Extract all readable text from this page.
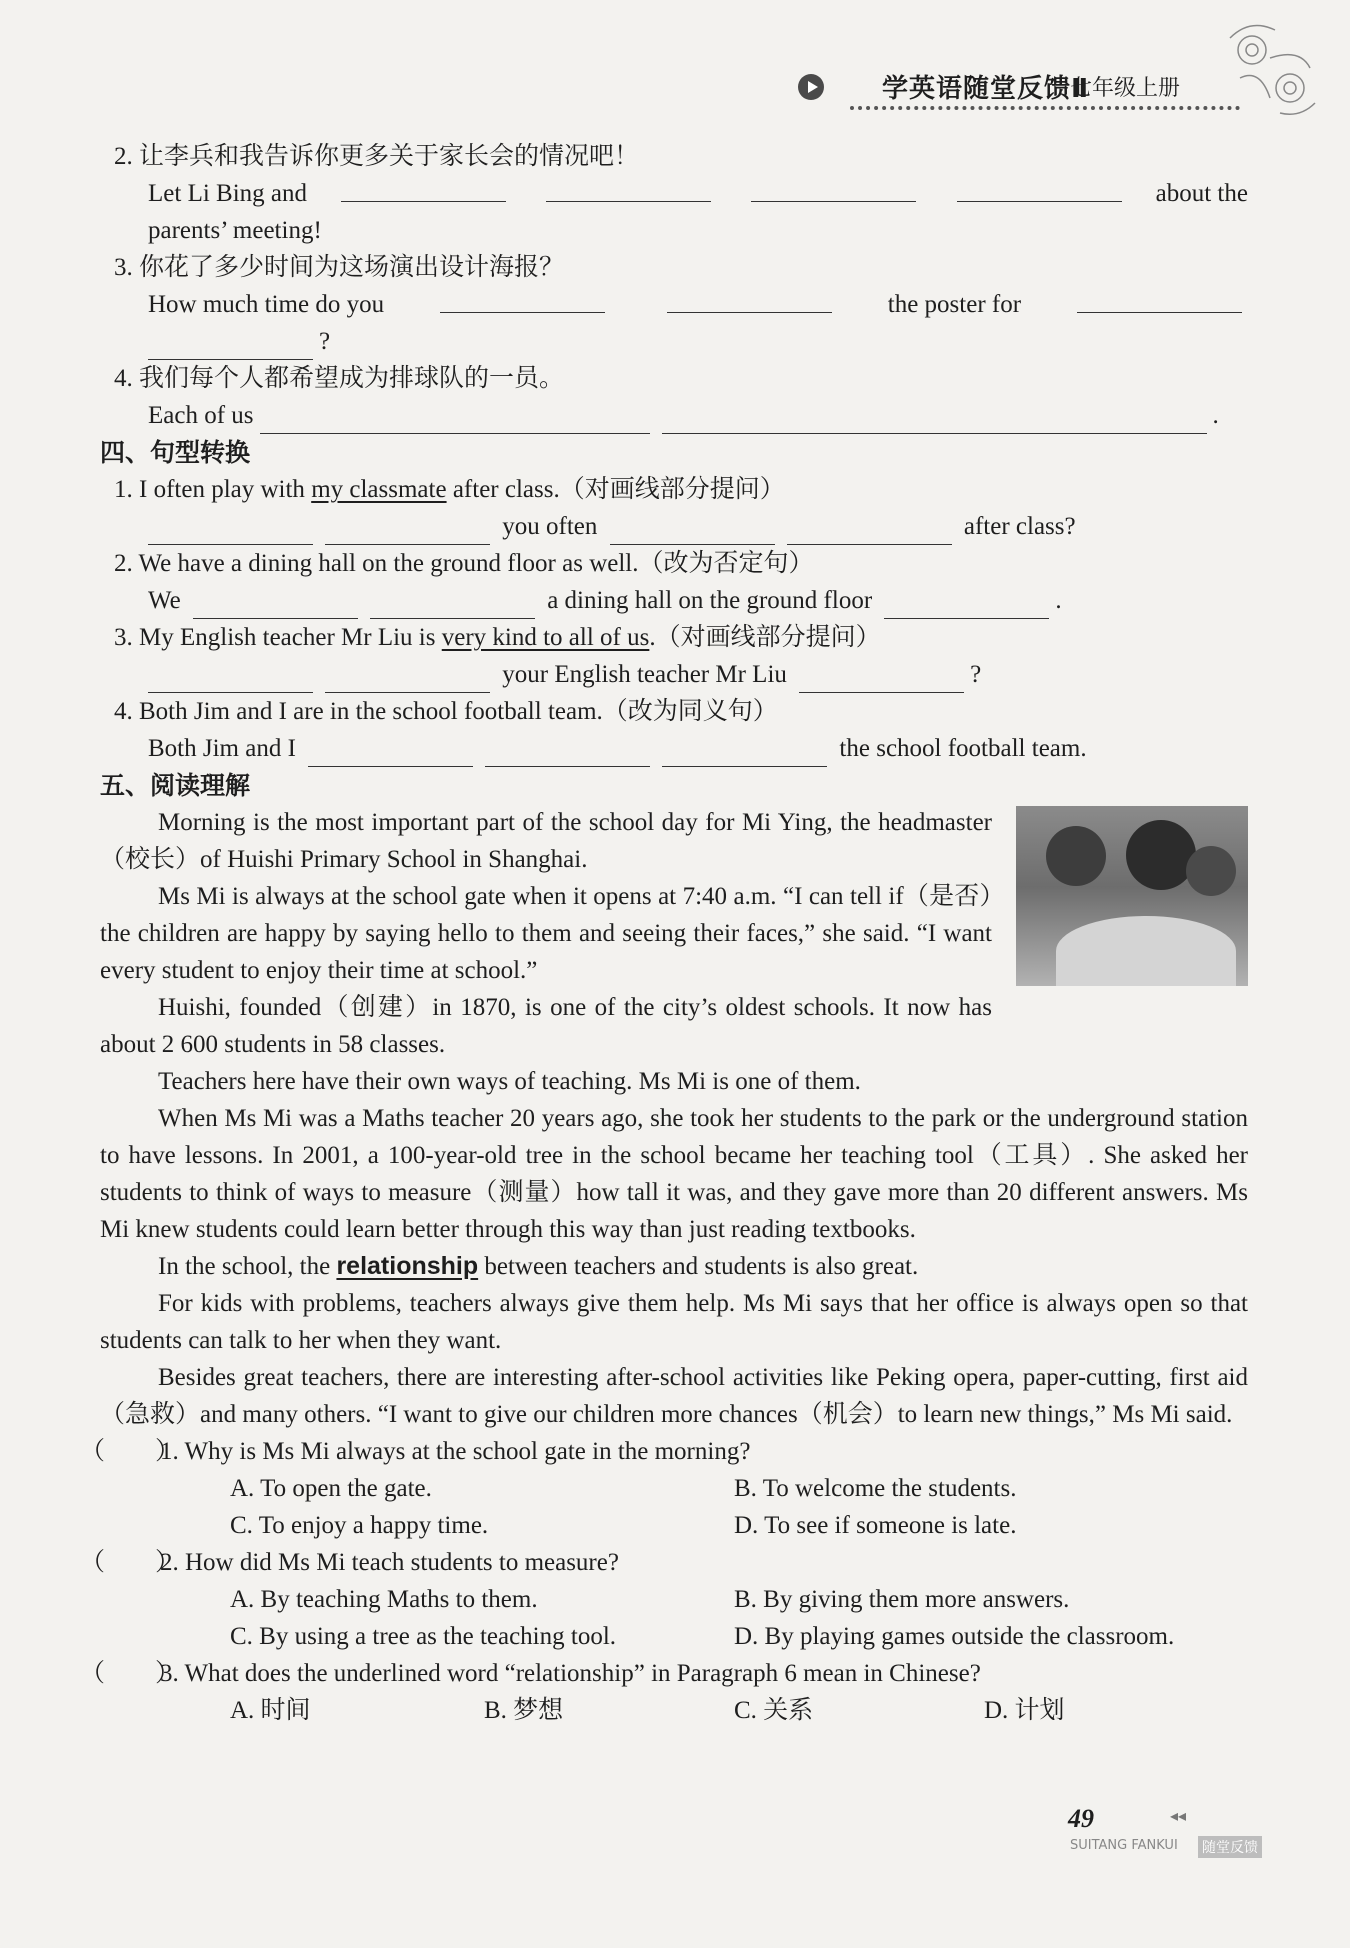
学英语随堂反馈Ⅱ
七年级上册
2. 让李兵和我告诉你更多关于家长会的情况吧！
Let Li Bing and	about the
parents’ meeting!
3. 你花了多少时间为这场演出设计海报？
How much time do you	the poster for
?
4. 我们每个人都希望成为排球队的一员。
Each of us	.
四、句型转换
1. I often play with my classmate after class.（对画线部分提问）
you often	after class?
2. We have a dining hall on the ground floor as well.（改为否定句）
We	a dining hall on the ground floor	.
3. My English teacher Mr Liu is very kind to all of us.（对画线部分提问）
your English teacher Mr Liu	?
4. Both Jim and I are in the school football team.（改为同义句）
Both Jim and I	the school football team.
五、阅读理解

Morning is the most important part of the school day for Mi Ying, the headmaster（校长）of Huishi Primary School in Shanghai.

Ms Mi is always at the school gate when it opens at 7:40 a.m. “I can tell if（是否）the children are happy by saying hello to them and seeing their faces,” she said. “I want every student to enjoy their time at school.”

Huishi, founded（创建）in 1870, is one of the city’s oldest schools. It now has about 2 600 students in 58 classes.

Teachers here have their own ways of teaching. Ms Mi is one of them.

When Ms Mi was a Maths teacher 20 years ago, she took her students to the park or the underground station to have lessons. In 2001, a 100-year-old tree in the school became her teaching tool（工具）. She asked her students to think of ways to measure（测量）how tall it was, and they gave more than 20 different answers. Ms Mi knew students could learn better through this way than just reading textbooks.

In the school, the relationship between teachers and students is also great.

For kids with problems, teachers always give them help. Ms Mi says that her office is always open so that students can talk to her when they want.

Besides great teachers, there are interesting after-school activities like Peking opera, paper-cutting, first aid（急救）and many others. “I want to give our children more chances（机会）to learn new things,” Ms Mi said.

（　　）1. Why is Ms Mi always at the school gate in the morning?
A. To open the gate.	B. To welcome the students.
C. To enjoy a happy time.	D. To see if someone is late.
（　　）2. How did Ms Mi teach students to measure?
A. By teaching Maths to them.	B. By giving them more answers.
C. By using a tree as the teaching tool.	D. By playing games outside the classroom.
（　　）3. What does the underlined word “relationship” in Paragraph 6 mean in Chinese?
A. 时间	B. 梦想	C. 关系	D. 计划
49	◂◂
SUITANG FANKUI 随堂反馈
